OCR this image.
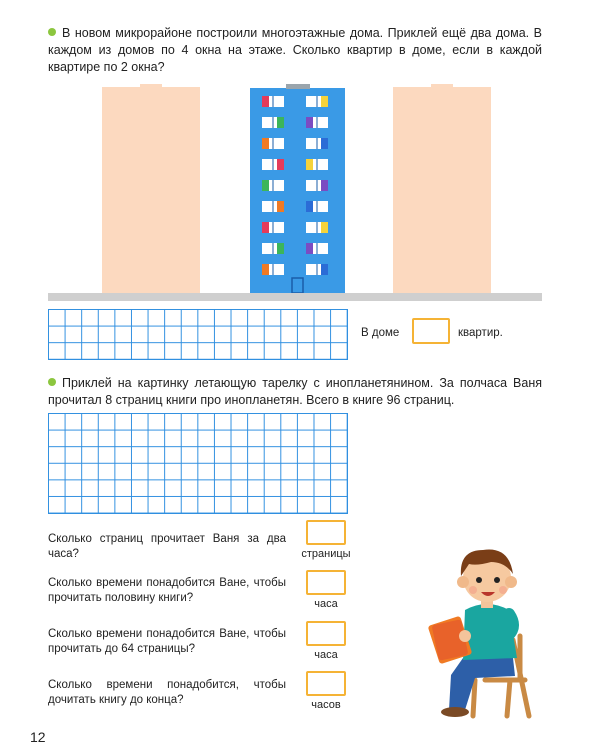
В новом микрорайоне построили многоэтажные дома. Приклей ещё два дома. В каждом из домов по 4 окна на этаже. Сколько квартир в доме, если в каждой квартире по 2 окна?
В доме	квартир.
Приклей на картинку летающую тарелку с инопланетянином. За полчаса Ваня прочитал 8 страниц книги про инопланетян. Всего в книге 96 страниц.
Сколько страниц прочитает Ваня за два часа?	страницы
Сколько времени понадобится Ване, чтобы прочитать половину книги?	часа
Сколько времени понадобится Ване, чтобы прочитать до 64 страницы?	часа
Сколько времени понадобится, чтобы дочитать книгу до конца?	часов
12
